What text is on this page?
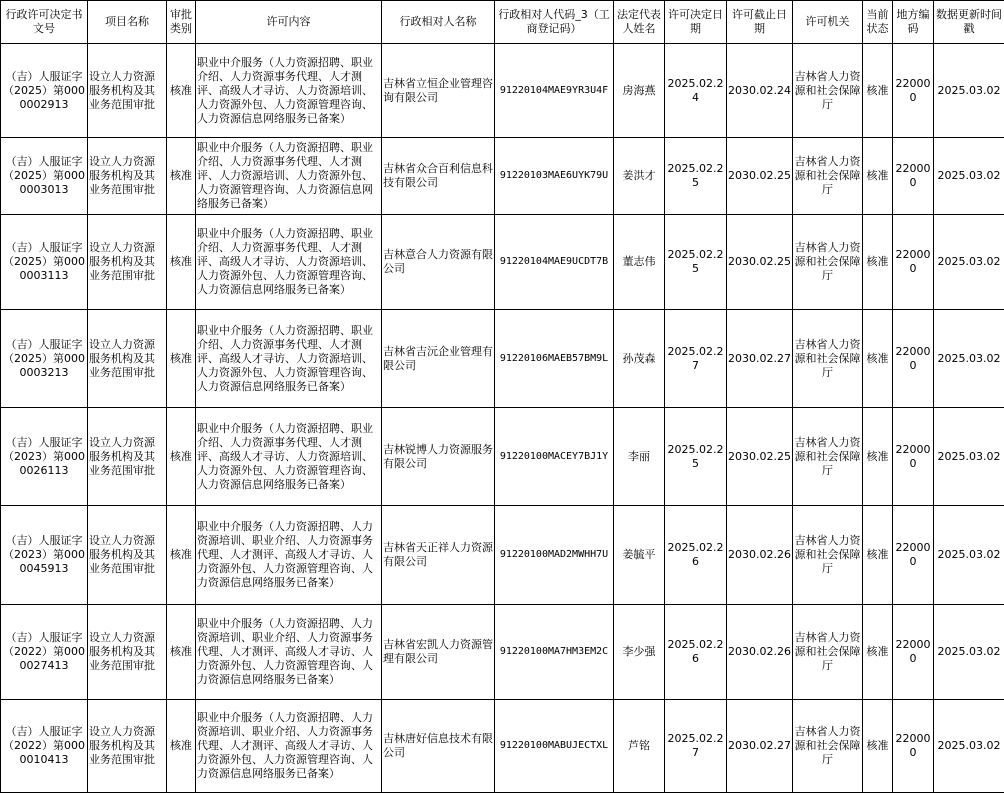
行政许可决定书文号	项目名称	审批类别	许可内容	行政相对人名称	行政相对人代码_3（工商登记码）	法定代表人姓名	许可决定日期	许可截止日期	许可机关	当前状态	地方编码	数据更新时间戳
（吉）人服证字（2025）第0000002913	设立人力资源服务机构及其业务范围审批	核准	职业中介服务（人力资源招聘、职业介绍、人力资源事务代理、人才测评、高级人才寻访、人力资源培训、人力资源外包、人力资源管理咨询、人力资源信息网络服务已备案）	吉林省立恒企业管理咨询有限公司	91220104MAE9YR3U4F	房海燕	2025.02.24	2030.02.24	吉林省人力资源和社会保障厅	核准	220000	2025.03.02
（吉）人服证字（2025）第0000003013	设立人力资源服务机构及其业务范围审批	核准	职业中介服务（人力资源招聘、职业介绍、人力资源事务代理、人才测评、人力资源培训、人力资源外包、人力资源管理咨询、人力资源信息网络服务已备案）	吉林省众合百利信息科技有限公司	91220103MAE6UYK79U	姜洪才	2025.02.25	2030.02.25	吉林省人力资源和社会保障厅	核准	220000	2025.03.02
（吉）人服证字（2025）第0000003113	设立人力资源服务机构及其业务范围审批	核准	职业中介服务（人力资源招聘、职业介绍、人力资源事务代理、人才测评、高级人才寻访、人力资源培训、人力资源外包、人力资源管理咨询、人力资源信息网络服务已备案）	吉林意合人力资源有限公司	91220104MAE9UCDT7B	董志伟	2025.02.25	2030.02.25	吉林省人力资源和社会保障厅	核准	220000	2025.03.02
（吉）人服证字（2025）第0000003213	设立人力资源服务机构及其业务范围审批	核准	职业中介服务（人力资源招聘、职业介绍、人力资源事务代理、人才测评、高级人才寻访、人力资源培训、人力资源外包、人力资源管理咨询、人力资源信息网络服务已备案）	吉林省吉沅企业管理有限公司	91220106MAEB57BM9L	孙茂森	2025.02.27	2030.02.27	吉林省人力资源和社会保障厅	核准	220000	2025.03.02
（吉）人服证字（2023）第0000026113	设立人力资源服务机构及其业务范围审批	核准	职业中介服务（人力资源招聘、职业介绍、人力资源事务代理、人才测评、高级人才寻访、人力资源培训、人力资源外包、人力资源管理咨询、人力资源信息网络服务已备案）	吉林锐博人力资源服务有限公司	91220100MACEY7BJ1Y	李丽	2025.02.25	2030.02.25	吉林省人力资源和社会保障厅	核准	220000	2025.03.02
（吉）人服证字（2023）第0000045913	设立人力资源服务机构及其业务范围审批	核准	职业中介服务（人力资源招聘、人力资源培训、职业介绍、人力资源事务代理、人才测评、高级人才寻访、人力资源外包、人力资源管理咨询、人力资源信息网络服务已备案）	吉林省天正祥人力资源有限公司	91220100MAD2MWHH7U	姜毓平	2025.02.26	2030.02.26	吉林省人力资源和社会保障厅	核准	220000	2025.03.02
（吉）人服证字（2022）第0000027413	设立人力资源服务机构及其业务范围审批	核准	职业中介服务（人力资源招聘、人力资源培训、职业介绍、人力资源事务代理、人才测评、高级人才寻访、人力资源外包、人力资源管理咨询、人力资源信息网络服务已备案）	吉林省宏凯人力资源管理有限公司	91220100MA7HM3EM2C	李少强	2025.02.26	2030.02.26	吉林省人力资源和社会保障厅	核准	220000	2025.03.02
（吉）人服证字（2022）第0000010413	设立人力资源服务机构及其业务范围审批	核准	职业中介服务（人力资源招聘、人力资源培训、职业介绍、人力资源事务代理、人才测评、高级人才寻访、人力资源外包、人力资源管理咨询、人力资源信息网络服务已备案）	吉林唐好信息技术有限公司	91220100MABUJECTXL	芦铭	2025.02.27	2030.02.27	吉林省人力资源和社会保障厅	核准	220000	2025.03.02
